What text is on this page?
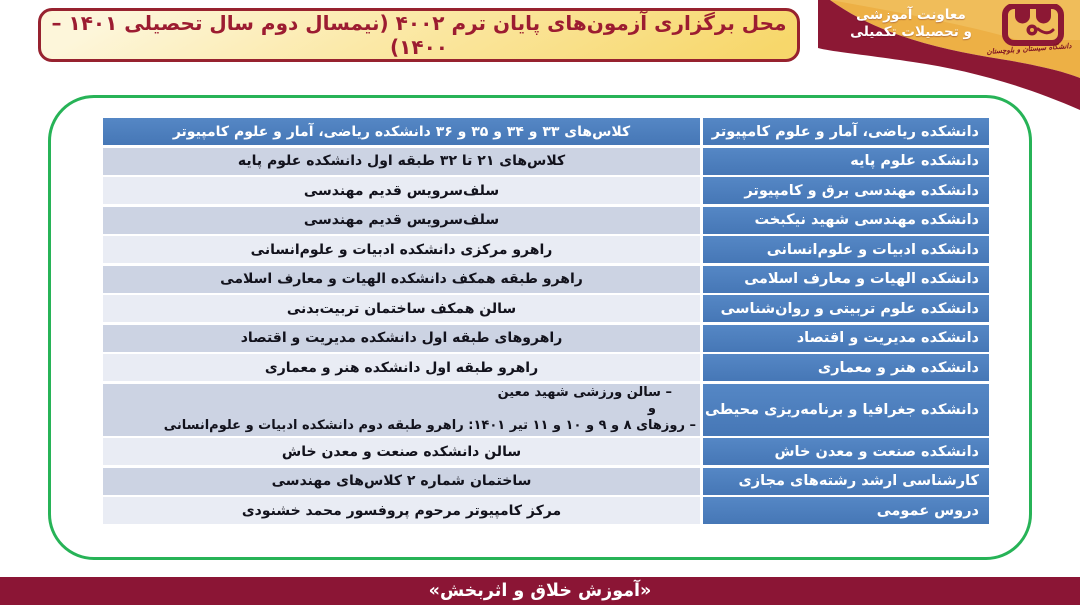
محل برگزاری آزمون‌های پایان ترم ۴۰۰۲ (نیمسال دوم سال تحصیلی ۱۴۰۱ – ۱۴۰۰)
معاونت آموزشی
و تحصیلات تکمیلی
دانشگاه سیستان و بلوچستان
دانشکده ریاضی، آمار و علوم کامپیوتر
کلاس‌های ۳۳ و ۳۴ و ۳۵ و ۳۶ دانشکده ریاضی، آمار و علوم کامپیوتر
دانشکده علوم پایه
کلاس‌های ۲۱ تا ۳۲ طبقه اول دانشکده علوم پایه
دانشکده مهندسی برق و کامپیوتر
سلف‌سرویس قدیم مهندسی
دانشکده مهندسی شهید نیکبخت
سلف‌سرویس قدیم مهندسی
دانشکده ادبیات و علوم‌انسانی
راهرو مرکزی دانشکده ادبیات و علوم‌انسانی
دانشکده الهیات و معارف اسلامی
راهرو طبقه همکف دانشکده الهیات و معارف اسلامی
دانشکده علوم تربیتی و روان‌شناسی
سالن همکف ساختمان تربیت‌بدنی
دانشکده مدیریت و اقتصاد
راهروهای طبقه اول دانشکده مدیریت و اقتصاد
دانشکده هنر و معماری
راهرو طبقه اول دانشکده هنر و معماری
دانشکده جغرافیا و برنامه‌ریزی محیطی
– سالن ورزشی شهید معین
و
– روزهای ۸ و ۹ و ۱۰ و ۱۱ تیر ۱۴۰۱: راهرو طبقه دوم دانشکده ادبیات و علوم‌انسانی
دانشکده صنعت و معدن خاش
سالن دانشکده صنعت و معدن خاش
کارشناسی ارشد رشته‌های مجازی
ساختمان شماره ۲ کلاس‌های مهندسی
دروس عمومی
مرکز کامپیوتر مرحوم پروفسور محمد خشنودی
«آموزش خلاق و اثربخش»
